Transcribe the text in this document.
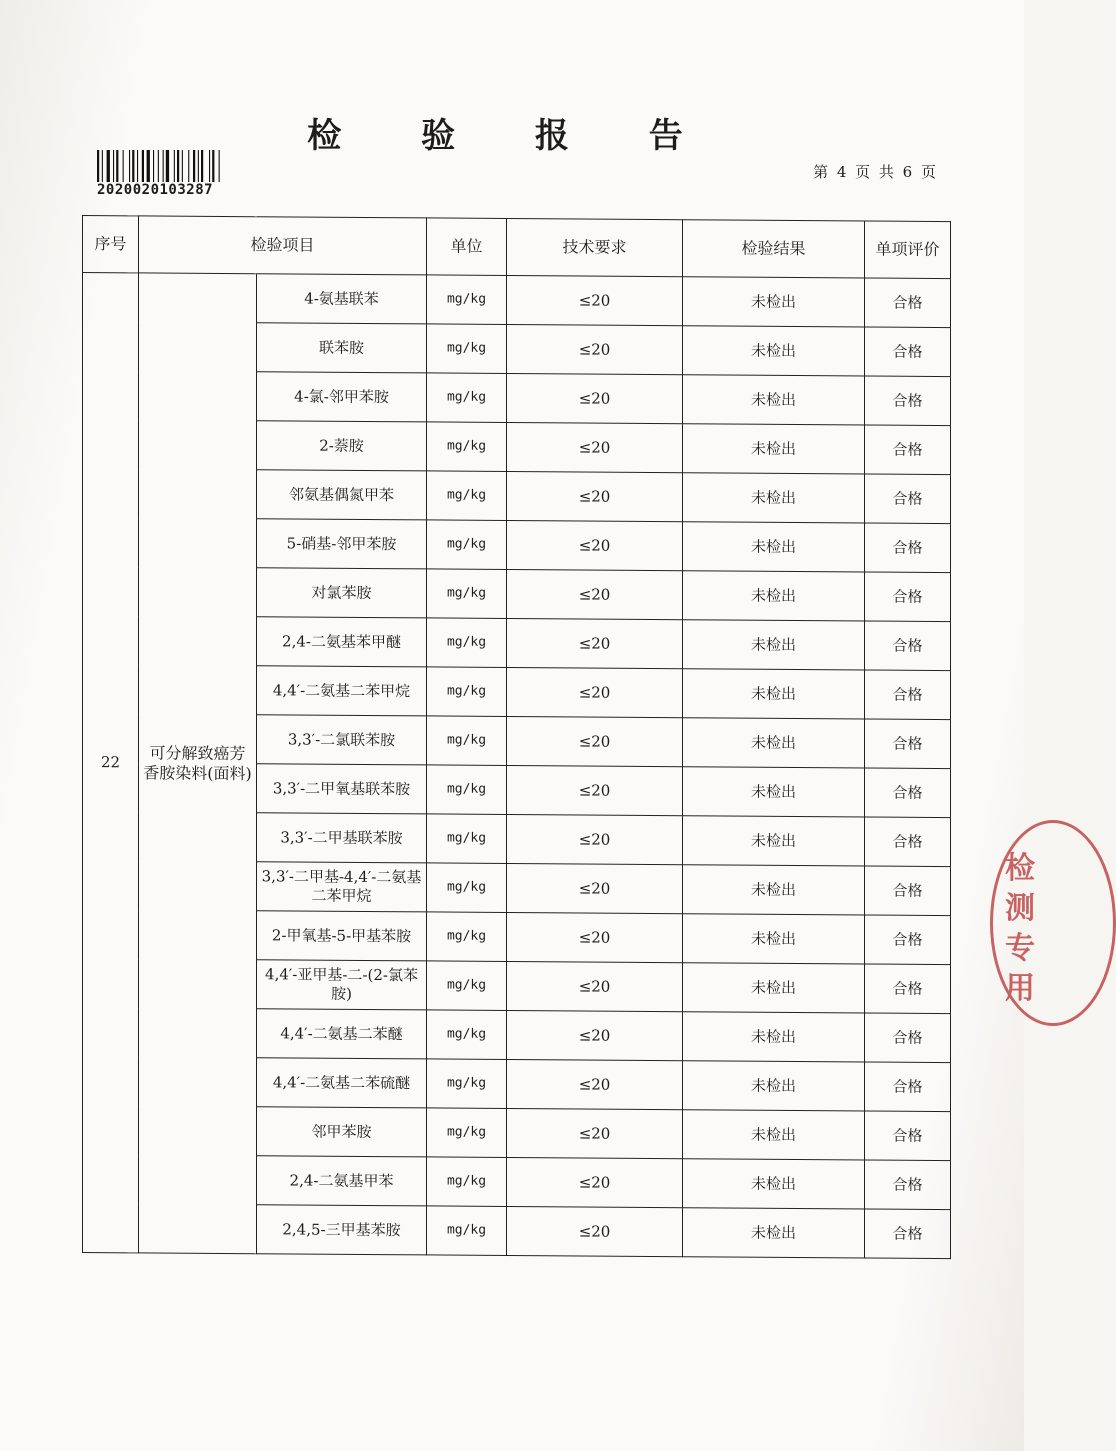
检 验 报 告
2020020103287
第 4 页 共 6 页
序号	检验项目		单位	技术要求	检验结果	单项评价
22	可分解致癌芳香胺染料(面料)	4-氨基联苯	mg/kg	≤20	未检出	合格
		联苯胺	mg/kg	≤20	未检出	合格
		4-氯-邻甲苯胺	mg/kg	≤20	未检出	合格
		2-萘胺	mg/kg	≤20	未检出	合格
		邻氨基偶氮甲苯	mg/kg	≤20	未检出	合格
		5-硝基-邻甲苯胺	mg/kg	≤20	未检出	合格
		对氯苯胺	mg/kg	≤20	未检出	合格
		2,4-二氨基苯甲醚	mg/kg	≤20	未检出	合格
		4,4′-二氨基二苯甲烷	mg/kg	≤20	未检出	合格
		3,3′-二氯联苯胺	mg/kg	≤20	未检出	合格
		3,3′-二甲氧基联苯胺	mg/kg	≤20	未检出	合格
		3,3′-二甲基联苯胺	mg/kg	≤20	未检出	合格
		3,3′-二甲基-4,4′-二氨基二苯甲烷	mg/kg	≤20	未检出	合格
		2-甲氧基-5-甲基苯胺	mg/kg	≤20	未检出	合格
		4,4′-亚甲基-二-(2-氯苯胺)	mg/kg	≤20	未检出	合格
		4,4′-二氨基二苯醚	mg/kg	≤20	未检出	合格
		4,4′-二氨基二苯硫醚	mg/kg	≤20	未检出	合格
		邻甲苯胺	mg/kg	≤20	未检出	合格
		2,4-二氨基甲苯	mg/kg	≤20	未检出	合格
		2,4,5-三甲基苯胺	mg/kg	≤20	未检出	合格
检
测
专
用
